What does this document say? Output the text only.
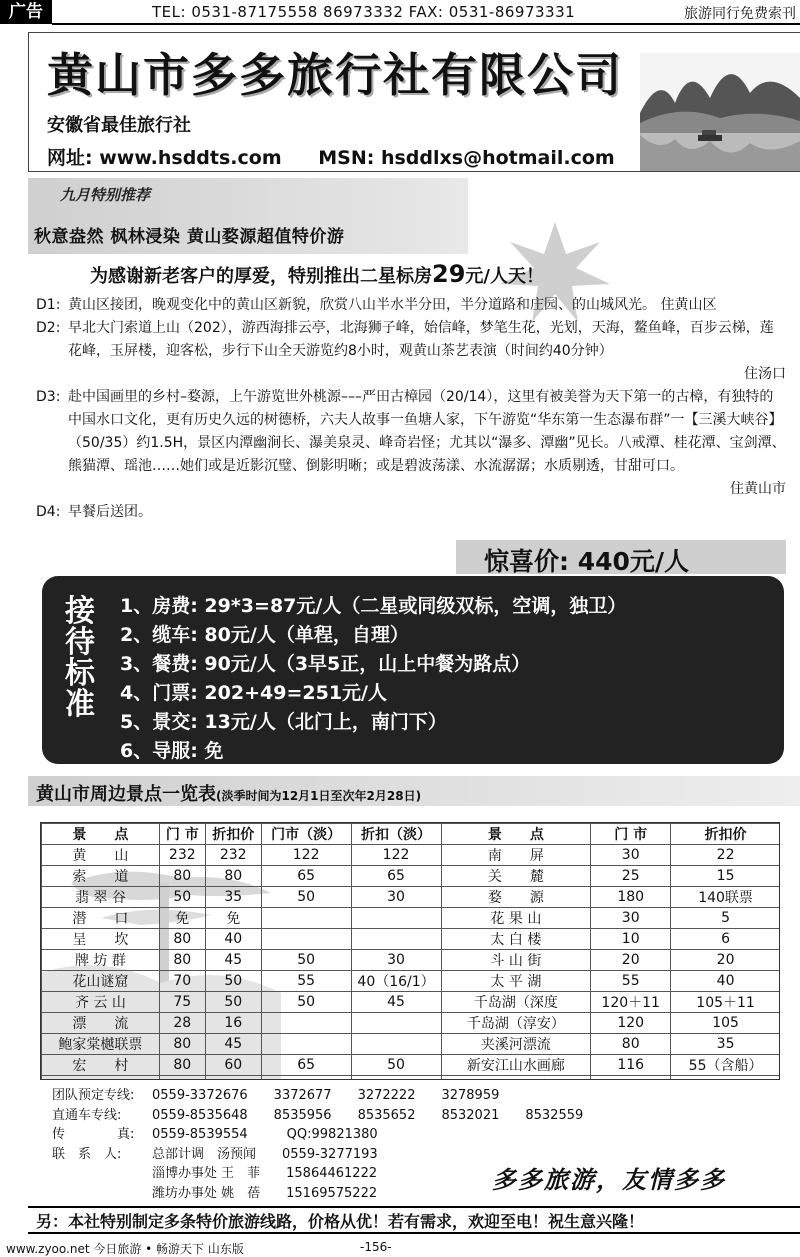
广告	TEL: 0531-87175558 86973332 FAX: 0531-86973331	旅游同行免费索刊
黄山市多多旅行社有限公司
安徽省最佳旅行社
网址: www.hsddts.com MSN: hsddlxs@hotmail.com
九月特别推荐
秋意盎然 枫林浸染 黄山婺源超值特价游
为感谢新老客户的厚爱，特别推出二星标房29元/人天！
D1: 黄山区接团，晚观变化中的黄山区新貌，欣赏八山半水半分田，半分道路和庄园、的山城风光。 住黄山区
D2: 早北大门索道上山（202），游西海排云亭，北海狮子峰，始信峰，梦笔生花，光划，天海，鳌鱼峰，百步云梯，莲花峰，玉屏楼，迎客松，步行下山全天游览约8小时，观黄山茶艺表演（时间约40分钟）
住汤口
D3: 赴中国画里的乡村–婺源，上午游览世外桃源–––严田古樟园（20/14），这里有被美誉为天下第一的古樟，有独特的中国水口文化，更有历史久远的树德桥，六夫人故事一鱼塘人家，下午游览“华东第一生态瀑布群”一【三溪大峡谷】（50/35）约1.5H，景区内潭幽涧长、瀑美泉灵、峰奇岩怪；尤其以“瀑多、潭幽”见长。八戒潭、桂花潭、宝剑潭、熊猫潭、瑶池……她们或是近影沉璧、倒影明晰；或是碧波荡漾、水流潺潺；水质剔透，甘甜可口。
住黄山市
D4: 早餐后送团。
惊喜价: 440元/人
接
待
标
准
1、房费: 29*3=87元/人（二星或同级双标，空调，独卫）
2、缆车: 80元/人（单程，自理）
3、餐费: 90元/人（3早5正，山上中餐为路点）
4、门票: 202+49=251元/人
5、景交: 13元/人（北门上，南门下）
6、导服: 免
黄山市周边景点一览表(淡季时间为12月1日至次年2月28日)
景　　点	门 市	折扣价	门市（淡）	折扣（淡）	景　　点	门 市	折扣价
黄　　山	232	232	122	122	南　　屏	30	22
索　　道	80	80	65	65	关　　麓	25	15
翡 翠 谷	50	35	50	30	婺　　源	180	140联票
潜　　口	免	免			花 果 山	30	5
呈　　坎	80	40			太 白 楼	10	6
牌 坊 群	80	45	50	30	斗 山 街	20	20
花山谜窟	70	50	55	40（16/1）	太 平 湖	55	40
齐 云 山	75	50	50	45	千岛湖（深度	120＋11	105＋11
漂　　流	28	16			千岛湖（淳安）	120	105
鲍家棠樾联票	80	45			夹溪河漂流	80	35
宏　　村	80	60	65	50	新安江山水画廊	116	55（含船）

团队预定专线:	0559-3372676　　3372677　　3272222　　3278959
直通车专线:	0559-8535648　　8535956　　8535652　　8532021　　8532559
传　　　　真:	0559-8539554　　　QQ:99821380
联　系　人:	总部计调　汤预闻　　0559-3277193
淄博办事处 王　菲　　15864461222
潍坊办事处 姚　蓓　　15169575222	多多旅游，友情多多
另：本社特别制定多条特价旅游线路，价格从优！若有需求，欢迎至电！祝生意兴隆！
www.zyoo.net 今日旅游 • 畅游天下 山东版	-156-
